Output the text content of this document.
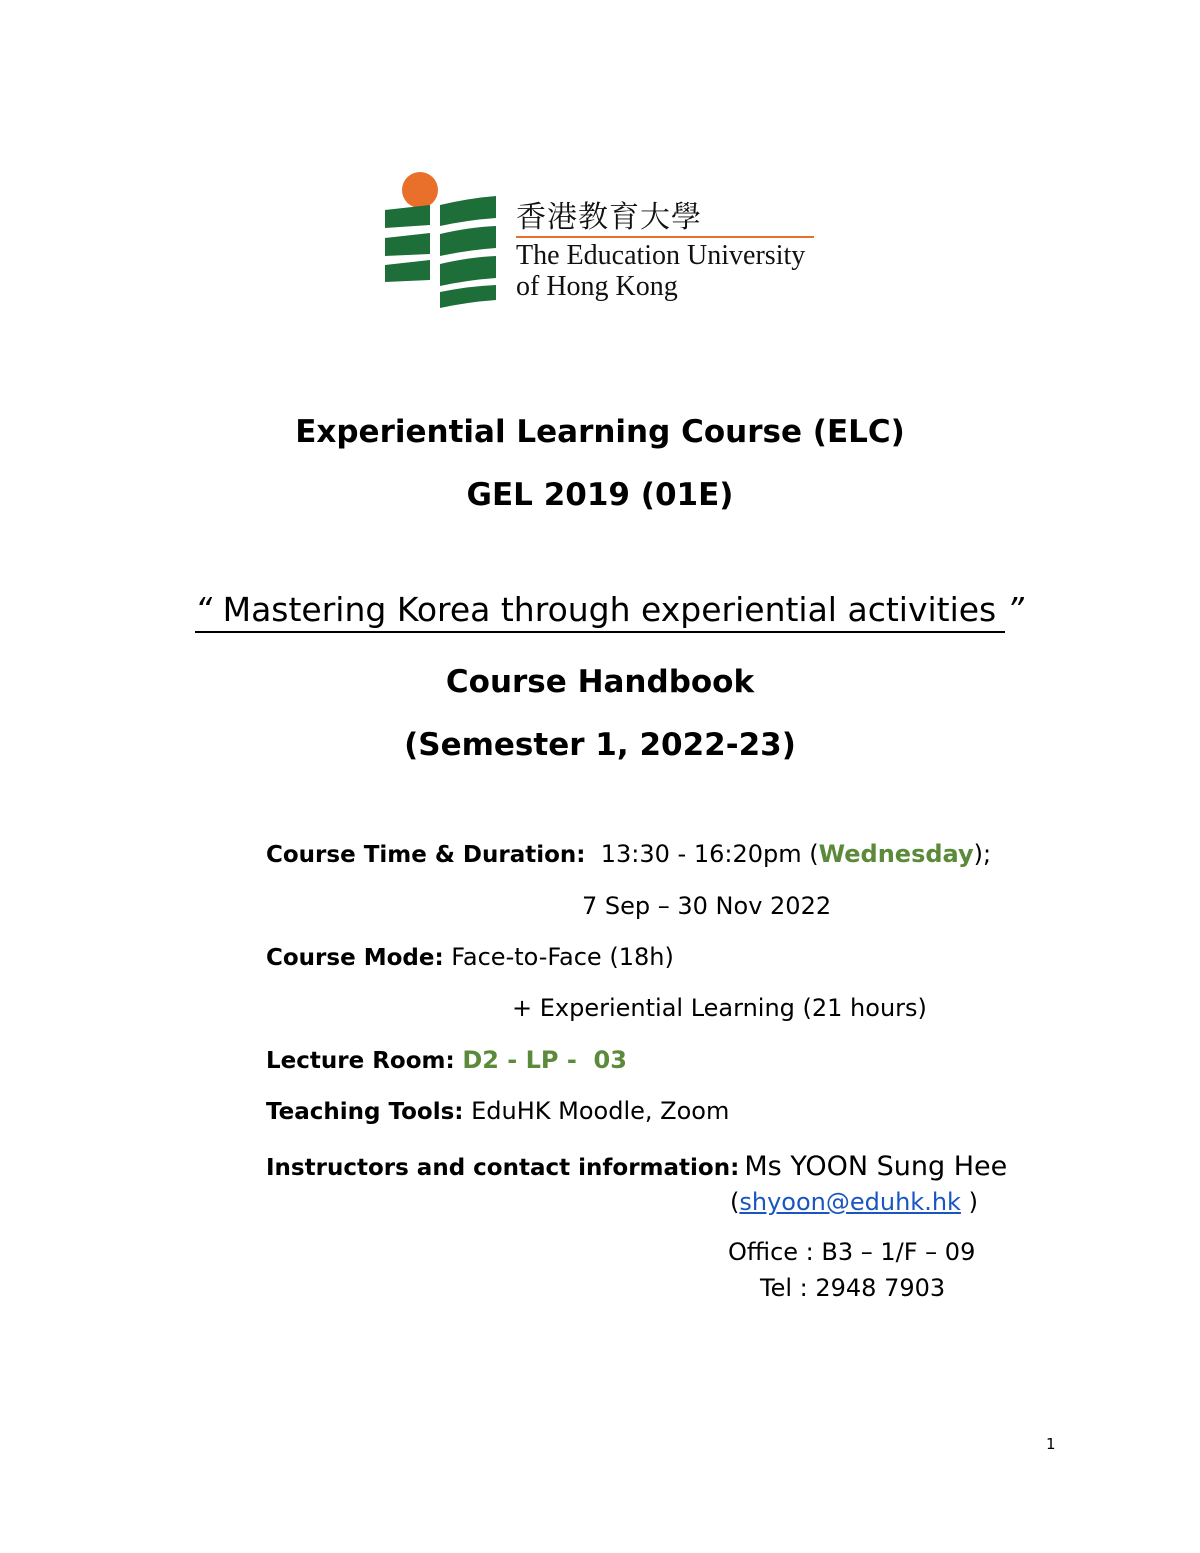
香港教育大學
The Education University
of Hong Kong
Experiential Learning Course (ELC)
GEL 2019 (01E)
“ Mastering Korea through experiential activities ”
Course Handbook
(Semester 1, 2022-23)
Course Time & Duration: 13:30 - 16:20pm (Wednesday);
7 Sep – 30 Nov 2022
Course Mode: Face-to-Face (18h)
+ Experiential Learning (21 hours)
Lecture Room: D2 - LP -  03
Teaching Tools: EduHK Moodle, Zoom
Instructors and contact information: Ms YOON Sung Hee
(shyoon@eduhk.hk )
Office : B3 – 1/F – 09
Tel : 2948 7903
1
